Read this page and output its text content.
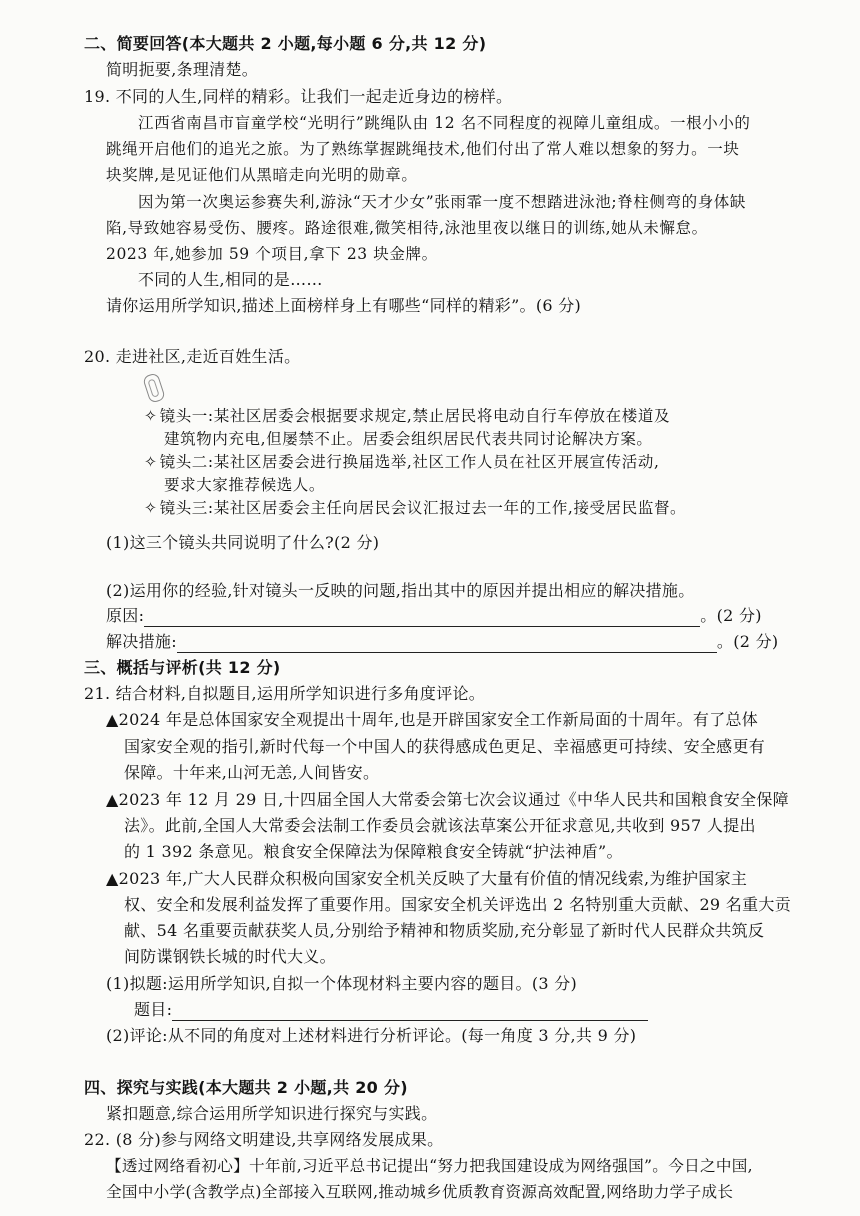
二、简要回答(本大题共 2 小题,每小题 6 分,共 12 分)
简明扼要,条理清楚。
19. 不同的人生,同样的精彩。让我们一起走近身边的榜样。
江西省南昌市盲童学校“光明行”跳绳队由 12 名不同程度的视障儿童组成。一根小小的
跳绳开启他们的追光之旅。为了熟练掌握跳绳技术,他们付出了常人难以想象的努力。一块
块奖牌,是见证他们从黑暗走向光明的勋章。
因为第一次奥运参赛失利,游泳“天才少女”张雨霏一度不想踏进泳池;脊柱侧弯的身体缺
陷,导致她容易受伤、腰疼。路途很难,微笑相待,泳池里夜以继日的训练,她从未懈怠。
2023 年,她参加 59 个项目,拿下 23 块金牌。
不同的人生,相同的是……
请你运用所学知识,描述上面榜样身上有哪些“同样的精彩”。(6 分)
20. 走进社区,走近百姓生活。
✧ 镜头一:某社区居委会根据要求规定,禁止居民将电动自行车停放在楼道及
建筑物内充电,但屡禁不止。居委会组织居民代表共同讨论解决方案。
✧ 镜头二:某社区居委会进行换届选举,社区工作人员在社区开展宣传活动,
要求大家推荐候选人。
✧ 镜头三:某社区居委会主任向居民会议汇报过去一年的工作,接受居民监督。
(1)这三个镜头共同说明了什么?(2 分)
(2)运用你的经验,针对镜头一反映的问题,指出其中的原因并提出相应的解决措施。
原因:	。(2 分)
解决措施:	。(2 分)
三、概括与评析(共 12 分)
21. 结合材料,自拟题目,运用所学知识进行多角度评论。
▲2024 年是总体国家安全观提出十周年,也是开辟国家安全工作新局面的十周年。有了总体
国家安全观的指引,新时代每一个中国人的获得感成色更足、幸福感更可持续、安全感更有
保障。十年来,山河无恙,人间皆安。
▲2023 年 12 月 29 日,十四届全国人大常委会第七次会议通过《中华人民共和国粮食安全保障
法》。此前,全国人大常委会法制工作委员会就该法草案公开征求意见,共收到 957 人提出
的 1 392 条意见。粮食安全保障法为保障粮食安全铸就“护法神盾”。
▲2023 年,广大人民群众积极向国家安全机关反映了大量有价值的情况线索,为维护国家主
权、安全和发展利益发挥了重要作用。国家安全机关评选出 2 名特别重大贡献、29 名重大贡
献、54 名重要贡献获奖人员,分别给予精神和物质奖励,充分彰显了新时代人民群众共筑反
间防谍钢铁长城的时代大义。
(1)拟题:运用所学知识,自拟一个体现材料主要内容的题目。(3 分)
题目:
(2)评论:从不同的角度对上述材料进行分析评论。(每一角度 3 分,共 9 分)
四、探究与实践(本大题共 2 小题,共 20 分)
紧扣题意,综合运用所学知识进行探究与实践。
22. (8 分)参与网络文明建设,共享网络发展成果。
【透过网络看初心】十年前,习近平总书记提出“努力把我国建设成为网络强国”。今日之中国,
全国中小学(含教学点)全部接入互联网,推动城乡优质教育资源高效配置,网络助力学子成长
